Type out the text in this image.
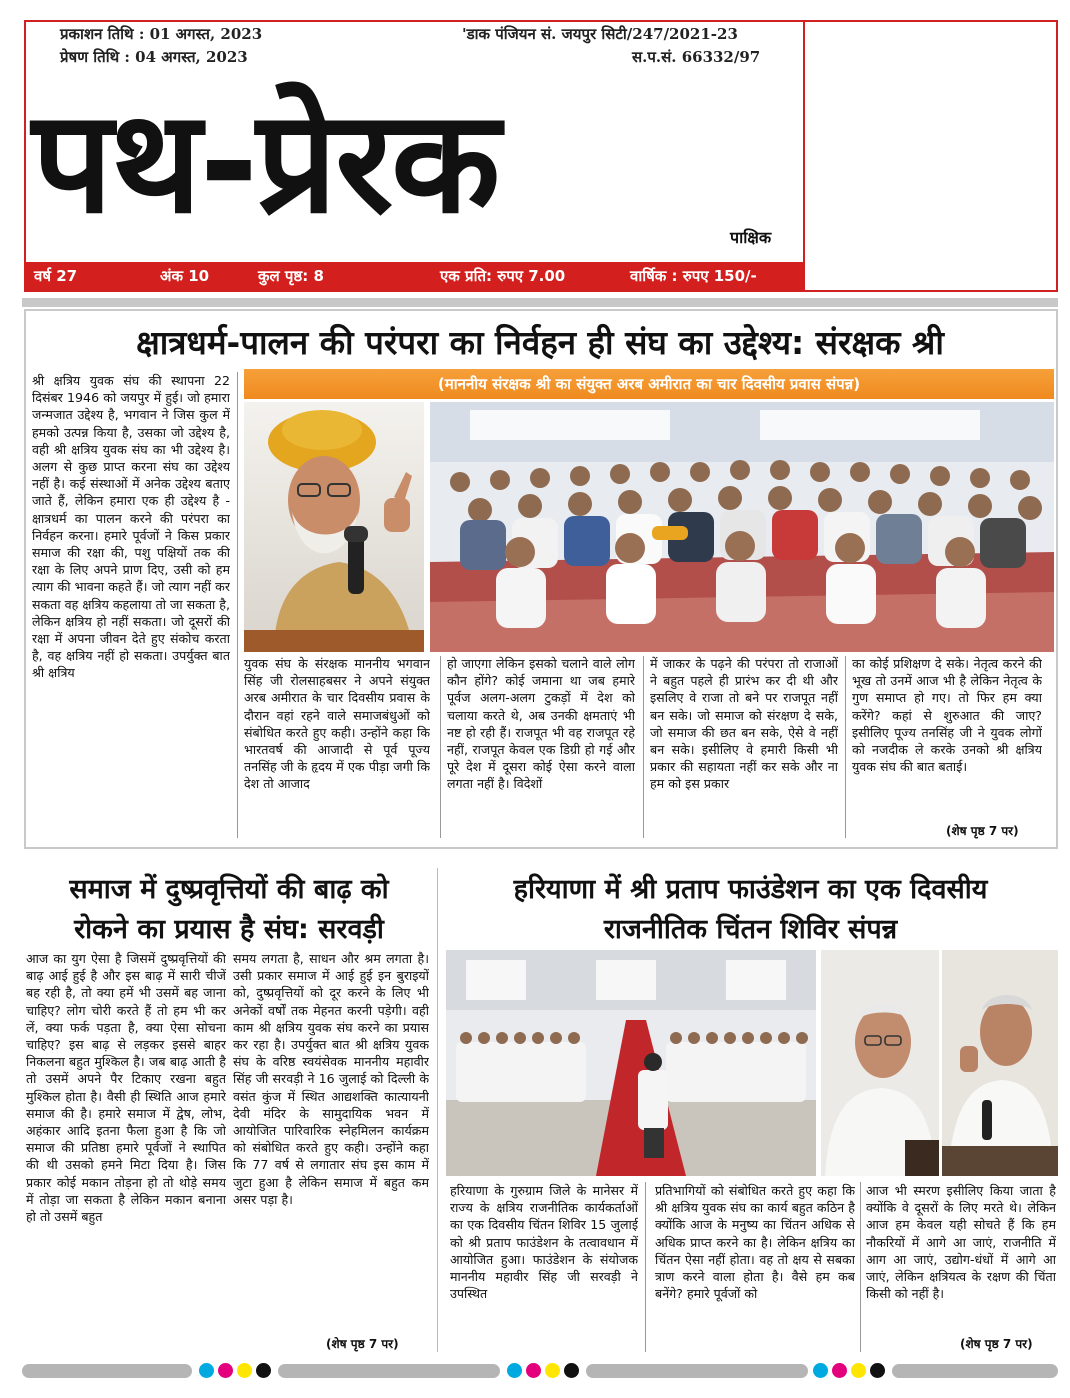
प्रकाशन तिथि : 01 अगस्त, 2023
प्रेषण तिथि : 04 अगस्त, 2023
'डाक पंजियन सं. जयपुर सिटी/247/2021-23
स.प.सं. 66332/97
पथ-प्रेरक	पाक्षिक
वर्ष 27	अंक 10	कुल पृष्ठ: 8	एक प्रति: रुपए 7.00	वार्षिक : रुपए 150/-
क्षात्रधर्म-पालन की परंपरा का निर्वहन ही संघ का उद्देश्य: संरक्षक श्री
(माननीय संरक्षक श्री का संयुक्त अरब अमीरात का चार दिवसीय प्रवास संपन्न)
श्री क्षत्रिय युवक संघ की स्थापना 22 दिसंबर 1946 को जयपुर में हुई। जो हमारा जन्मजात उद्देश्य है, भगवान ने जिस कुल में हमको उत्पन्न किया है, उसका जो उद्देश्य है, वही श्री क्षत्रिय युवक संघ का भी उद्देश्य है। अलग से कुछ प्राप्त करना संघ का उद्देश्य नहीं है। कई संस्थाओं में अनेक उद्देश्य बताए जाते हैं, लेकिन हमारा एक ही उद्देश्य है - क्षात्रधर्म का पालन करने की परंपरा का निर्वहन करना। हमारे पूर्वजों ने किस प्रकार समाज की रक्षा की, पशु पक्षियों तक की रक्षा के लिए अपने प्राण दिए, उसी को हम त्याग की भावना कहते हैं। जो त्याग नहीं कर सकता वह क्षत्रिय कहलाया तो जा सकता है, लेकिन क्षत्रिय हो नहीं सकता। जो दूसरों की रक्षा में अपना जीवन देते हुए संकोच करता है, वह क्षत्रिय नहीं हो सकता। उपर्युक्त बात श्री क्षत्रिय
युवक संघ के संरक्षक माननीय भगवान सिंह जी रोलसाहबसर ने अपने संयुक्त अरब अमीरात के चार दिवसीय प्रवास के दौरान वहां रहने वाले समाजबंधुओं को संबोधित करते हुए कही। उन्होंने कहा कि भारतवर्ष की आजादी से पूर्व पूज्य तनसिंह जी के हृदय में एक पीड़ा जगी कि देश तो आजाद
हो जाएगा लेकिन इसको चलाने वाले लोग कौन होंगे? कोई जमाना था जब हमारे पूर्वज अलग-अलग टुकड़ों में देश को चलाया करते थे, अब उनकी क्षमताएं भी नष्ट हो रही हैं। राजपूत भी वह राजपूत रहे नहीं, राजपूत केवल एक डिग्री हो गई और पूरे देश में दूसरा कोई ऐसा करने वाला लगता नहीं है। विदेशों
में जाकर के पढ़ने की परंपरा तो राजाओं ने बहुत पहले ही प्रारंभ कर दी थी और इसलिए वे राजा तो बने पर राजपूत नहीं बन सके। जो समाज को संरक्षण दे सके, जो समाज की छत बन सके, ऐसे वे नहीं बन सके। इसीलिए वे हमारी किसी भी प्रकार की सहायता नहीं कर सके और ना हम को इस प्रकार
का कोई प्रशिक्षण दे सके। नेतृत्व करने की भूख तो उनमें आज भी है लेकिन नेतृत्व के गुण समाप्त हो गए। तो फिर हम क्या करेंगे? कहां से शुरुआत की जाए? इसीलिए पूज्य तनसिंह जी ने युवक लोगों को नजदीक ले करके उनको श्री क्षत्रिय युवक संघ की बात बताई।
(शेष पृष्ठ 7 पर)
समाज में दुष्प्रवृत्तियों की बाढ़ को
रोकने का प्रयास है संघ: सरवड़ी
आज का युग ऐसा है जिसमें दुष्प्रवृत्तियों की बाढ़ आई हुई है और इस बाढ़ में सारी चीजें बह रही है, तो क्या हमें भी उसमें बह जाना चाहिए? लोग चोरी करते हैं तो हम भी कर लें, क्या फर्क पड़ता है, क्या ऐसा सोचना चाहिए? इस बाढ़ से लड़कर इससे बाहर निकलना बहुत मुश्किल है। जब बाढ़ आती है तो उसमें अपने पैर टिकाए रखना बहुत मुश्किल होता है। वैसी ही स्थिति आज हमारे समाज की है। हमारे समाज में द्वेष, लोभ, अहंकार आदि इतना फैला हुआ है कि जो समाज की प्रतिष्ठा हमारे पूर्वजों ने स्थापित की थी उसको हमने मिटा दिया है। जिस प्रकार कोई मकान तोड़ना हो तो थोड़े समय में तोड़ा जा सकता है लेकिन मकान बनाना हो तो उसमें बहुत
समय लगता है, साधन और श्रम लगता है। उसी प्रकार समाज में आई हुई इन बुराइयों को, दुष्प्रवृत्तियों को दूर करने के लिए भी अनेकों वर्षों तक मेहनत करनी पड़ेगी। वही काम श्री क्षत्रिय युवक संघ करने का प्रयास कर रहा है। उपर्युक्त बात श्री क्षत्रिय युवक संघ के वरिष्ठ स्वयंसेवक माननीय महावीर सिंह जी सरवड़ी ने 16 जुलाई को दिल्ली के वसंत कुंज में स्थित आद्यशक्ति कात्यायनी देवी मंदिर के सामुदायिक भवन में आयोजित पारिवारिक स्नेहमिलन कार्यक्रम को संबोधित करते हुए कही। उन्होंने कहा कि 77 वर्ष से लगातार संघ इस काम में जुटा हुआ है लेकिन समाज में बहुत कम असर पड़ा है।
(शेष पृष्ठ 7 पर)
हरियाणा में श्री प्रताप फाउंडेशन का एक दिवसीय
राजनीतिक चिंतन शिविर संपन्न
हरियाणा के गुरुग्राम जिले के मानेसर में राज्य के क्षत्रिय राजनीतिक कार्यकर्ताओं का एक दिवसीय चिंतन शिविर 15 जुलाई को श्री प्रताप फाउंडेशन के तत्वावधान में आयोजित हुआ। फाउंडेशन के संयोजक माननीय महावीर सिंह जी सरवड़ी ने उपस्थित
प्रतिभागियों को संबोधित करते हुए कहा कि श्री क्षत्रिय युवक संघ का कार्य बहुत कठिन है क्योंकि आज के मनुष्य का चिंतन अधिक से अधिक प्राप्त करने का है। लेकिन क्षत्रिय का चिंतन ऐसा नहीं होता। वह तो क्षय से सबका त्राण करने वाला होता है। वैसे हम कब बनेंगे? हमारे पूर्वजों को
आज भी स्मरण इसीलिए किया जाता है क्योंकि वे दूसरों के लिए मरते थे। लेकिन आज हम केवल यही सोचते हैं कि हम नौकरियों में आगे आ जाएं, राजनीति में आग आ जाएं, उद्योग-धंधों में आगे आ जाएं, लेकिन क्षत्रियत्व के रक्षण की चिंता किसी को नहीं है।
(शेष पृष्ठ 7 पर)
